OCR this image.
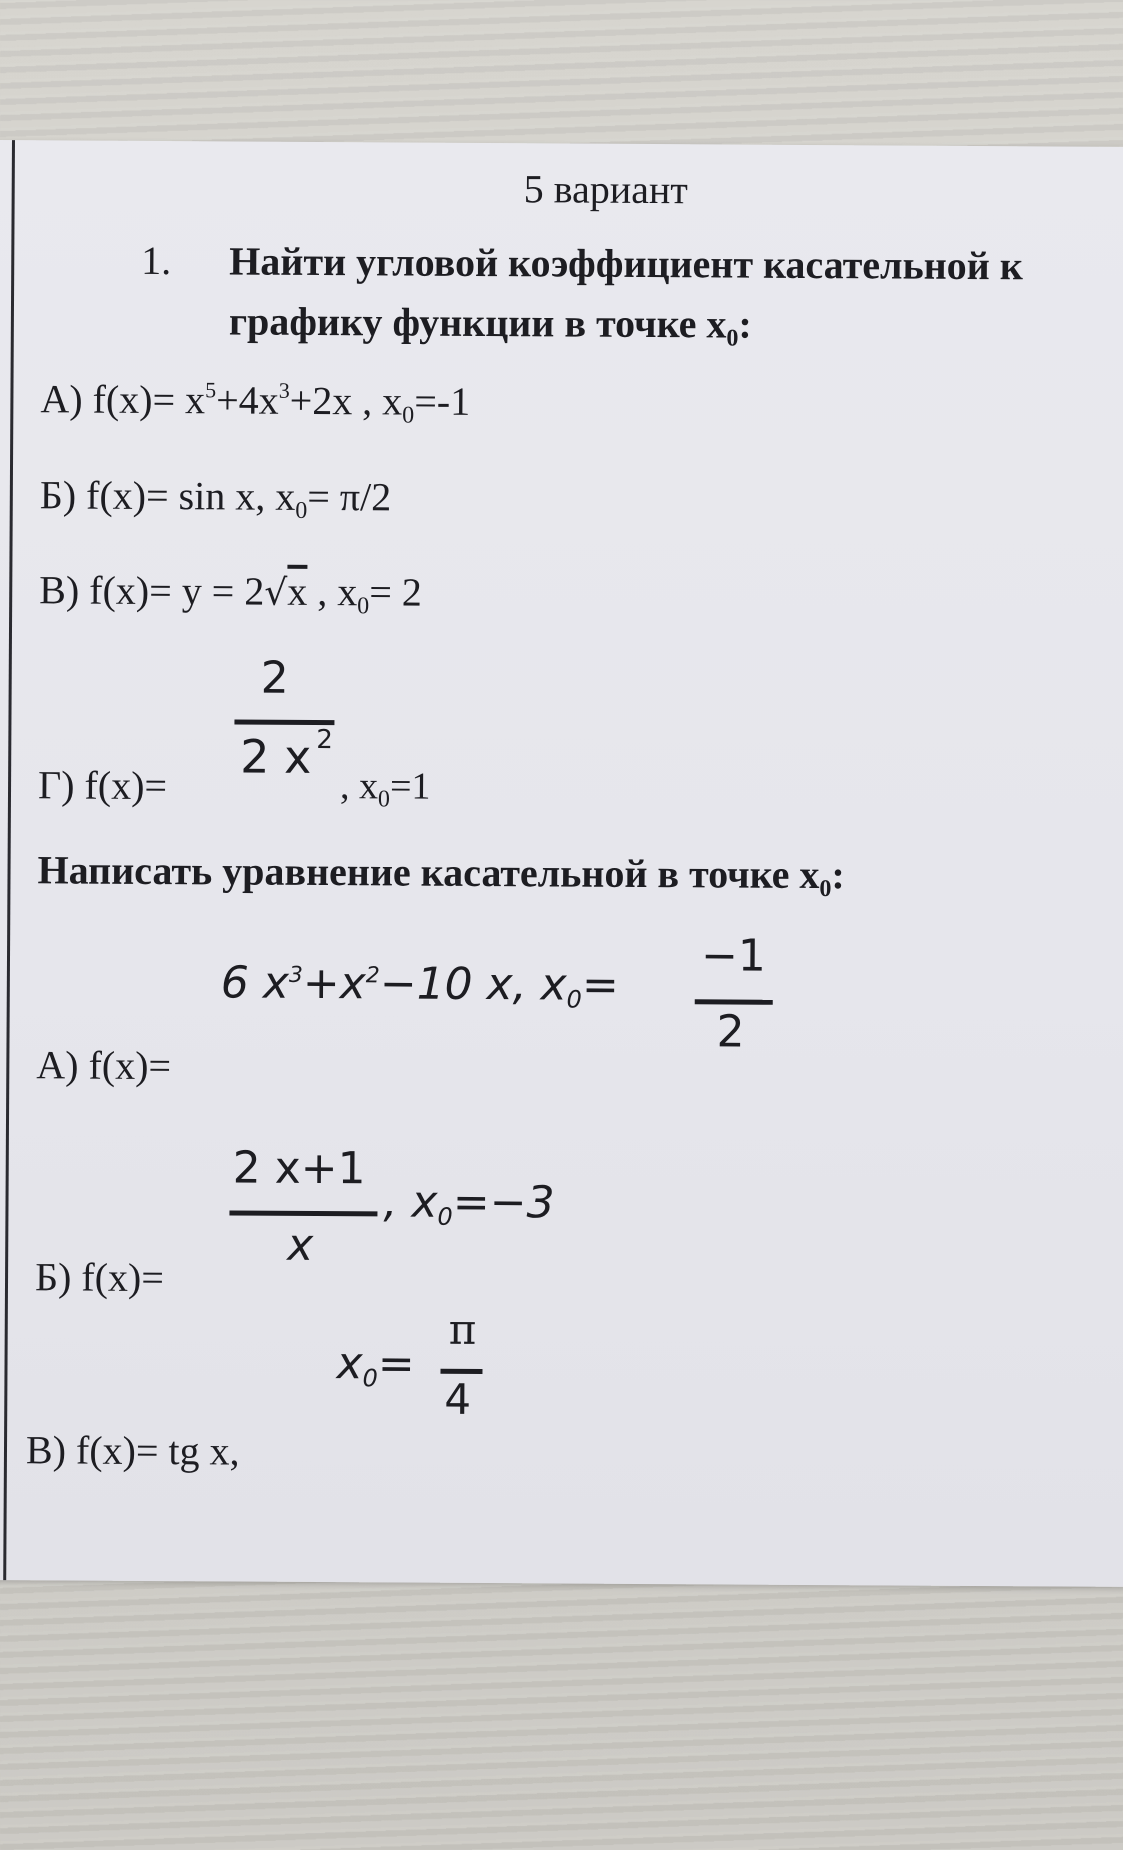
5 вариант
1. Найти угловой коэффициент касательной к
графику функции в точке $x_0$:
А) $f(x)= x^5+4x^3+2x$ , $x_0=-1$
Б) f(x)= sin x, $x_0= \pi/2$
В) f(x)= y = 2√x , $x_0= 2$
2
2 x 2
Г) f(x)=	, $x_0=1$
Написать уравнение касательной в точке $x_0$:
6 $x^3+x^2-10$ x, x0=
−1
2
А) f(x)=
2 x+1
x
, x0=−3
Б) f(x)=
x0=
π
4
В) f(x)= tg x,
